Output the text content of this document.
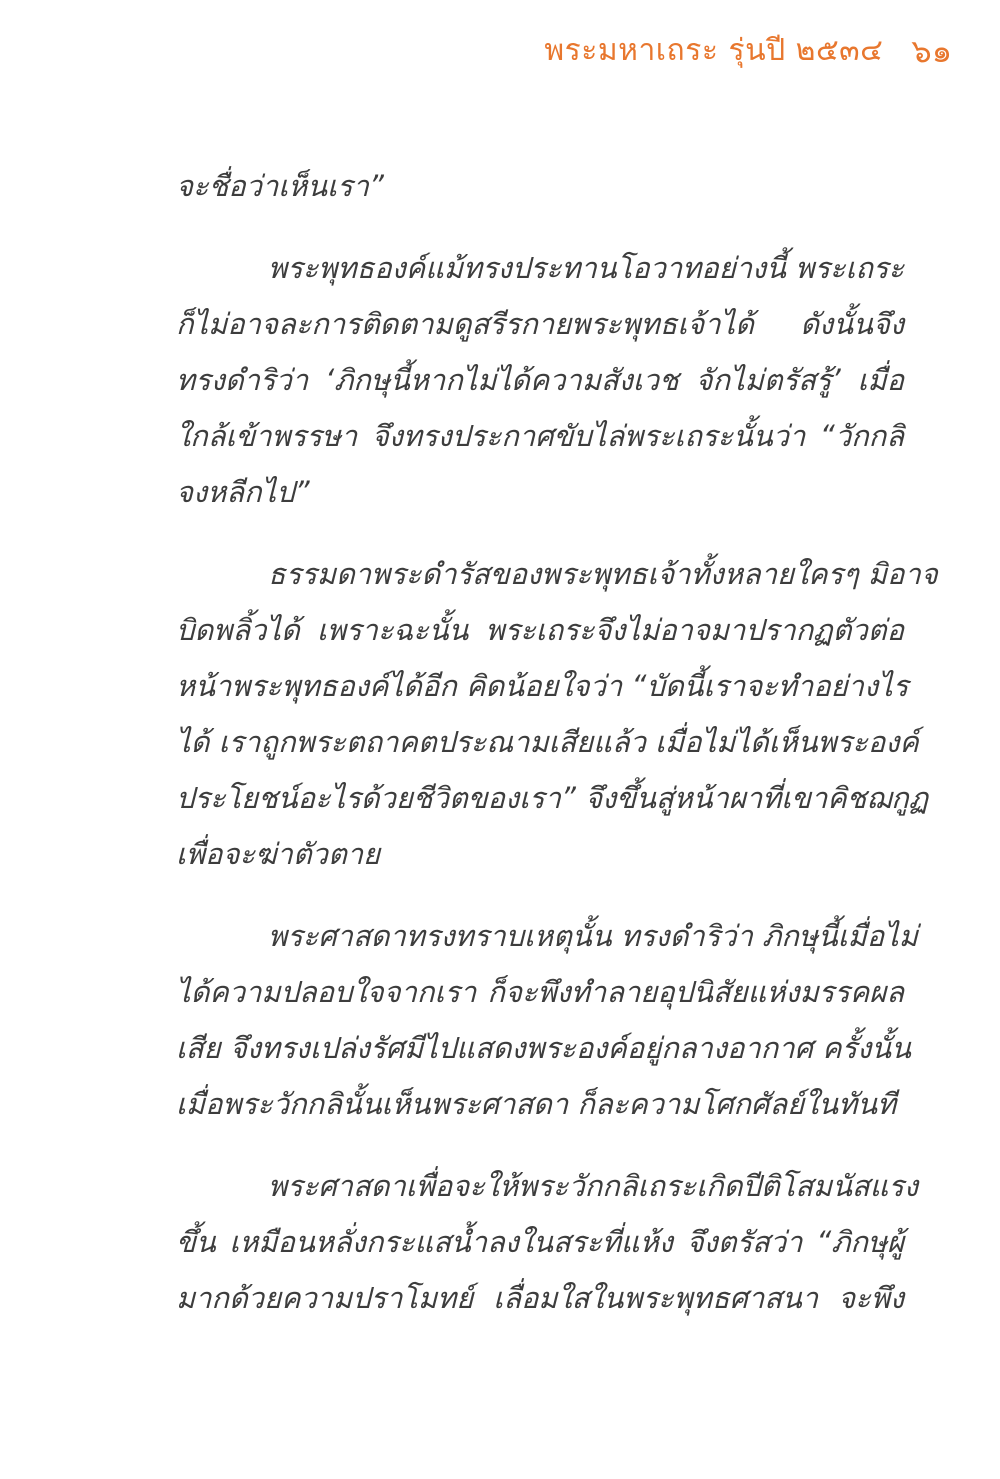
พระมหาเถระ รุ่นปี ๒๕๓๔ ๖๑
จะชื่อว่าเห็นเรา”
พระพุทธองค์แม้ทรงประทานโอวาทอย่างนี้ พระเถระ
ก็ไม่อาจละการติดตามดูสรีรกายพระพุทธเจ้าได้ ดังนั้นจึง
ทรงดำริว่า ‘ภิกษุนี้หากไม่ได้ความสังเวช จักไม่ตรัสรู้’ เมื่อ
ใกล้เข้าพรรษา จึงทรงประกาศขับไล่พระเถระนั้นว่า “วักกลิ
จงหลีกไป”
ธรรมดาพระดำรัสของพระพุทธเจ้าทั้งหลายใครๆ มิอาจ
บิดพลิ้วได้ เพราะฉะนั้น พระเถระจึงไม่อาจมาปรากฏตัวต่อ
หน้าพระพุทธองค์ได้อีก คิดน้อยใจว่า “บัดนี้เราจะทำอย่างไร
ได้ เราถูกพระตถาคตประณามเสียแล้ว เมื่อไม่ได้เห็นพระองค์
ประโยชน์อะไรด้วยชีวิตของเรา” จึงขึ้นสู่หน้าผาที่เขาคิชฌกูฏ
เพื่อจะฆ่าตัวตาย
พระศาสดาทรงทราบเหตุนั้น ทรงดำริว่า ภิกษุนี้เมื่อไม่
ได้ความปลอบใจจากเรา ก็จะพึงทำลายอุปนิสัยแห่งมรรคผล
เสีย จึงทรงเปล่งรัศมีไปแสดงพระองค์อยู่กลางอากาศ ครั้งนั้น
เมื่อพระวักกลินั้นเห็นพระศาสดา ก็ละความโศกศัลย์ในทันที
พระศาสดาเพื่อจะให้พระวักกลิเถระเกิดปีติโสมนัสแรง
ขึ้น เหมือนหลั่งกระแสน้ำลงในสระที่แห้ง จึงตรัสว่า “ภิกษุผู้
มากด้วยความปราโมทย์ เลื่อมใสในพระพุทธศาสนา จะพึง
